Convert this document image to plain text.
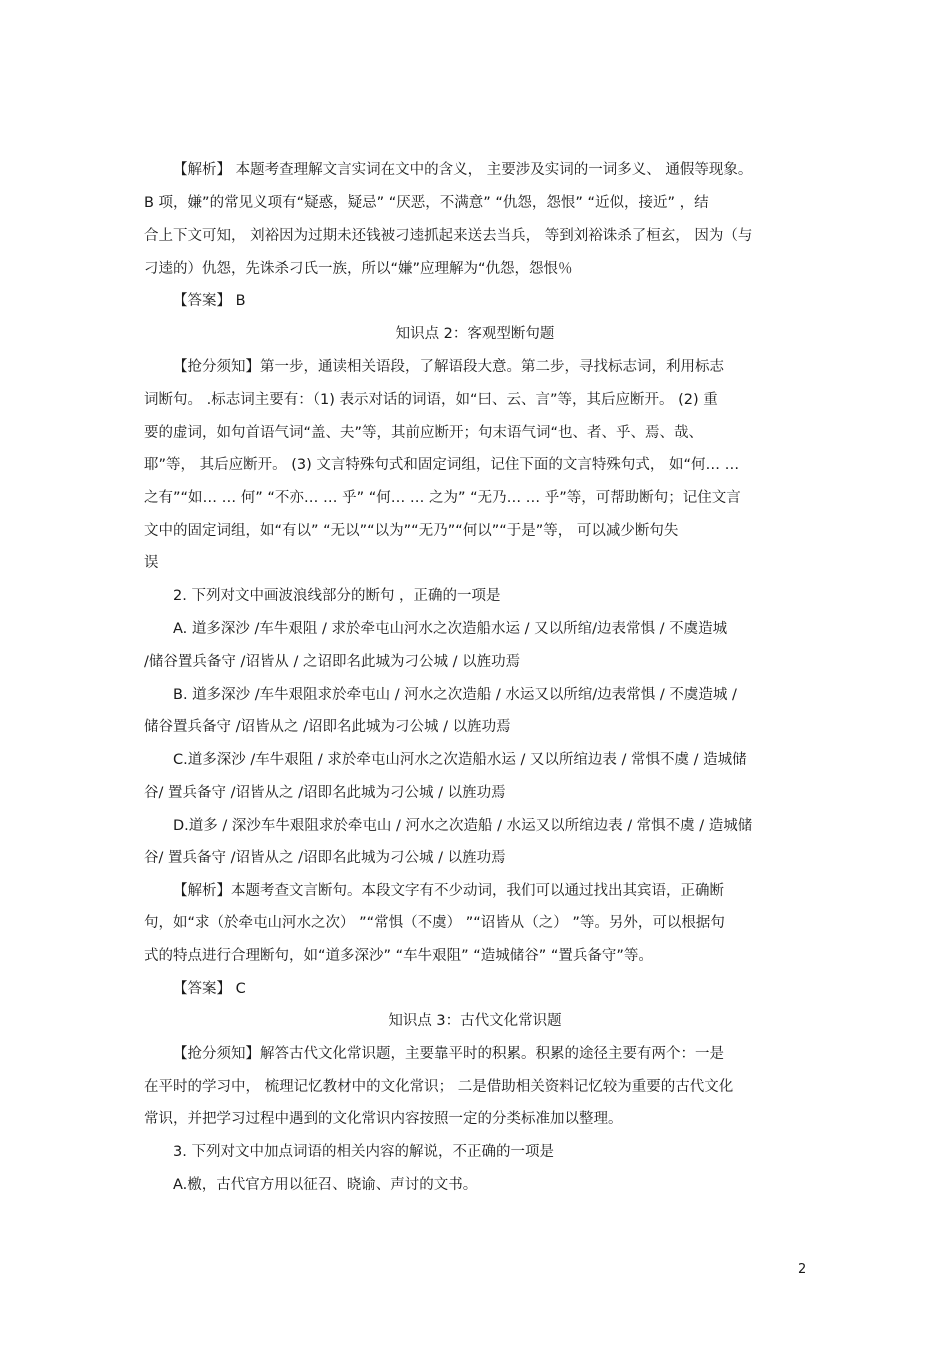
【解析】 本题考查理解文言实词在文中的含义， 主要涉及实词的一词多义、 通假等现象。
B 项，嫌”的常见义项有“疑惑，疑忌” “厌恶，不满意” “仇怨，怨恨” “近似，接近” ，结
合上下文可知， 刘裕因为过期未还钱被刁逵抓起来送去当兵， 等到刘裕诛杀了桓玄， 因为（与
刁逵的）仇怨，先诛杀刁氏一族，所以“嫌”应理解为“仇怨，怨恨％
【答案】 B
知识点 2：客观型断句题
【抢分须知】第一步，通读相关语段，了解语段大意。第二步，寻找标志词，利用标志
词断句。 .标志词主要有：（1) 表示对话的词语，如“曰、云、言”等，其后应断开。 (2) 重
要的虚词，如句首语气词“盖、夫”等，其前应断开；句末语气词“也、者、乎、焉、哉、
耶”等， 其后应断开。 (3) 文言特殊句式和固定词组，记住下面的文言特殊句式， 如“何… …
之有”“如… … 何” “不亦… … 乎” “何… … 之为” “无乃… … 乎”等，可帮助断句；记住文言
文中的固定词组，如“有以” “无以”“以为”“无乃”“何以”“于是”等， 可以减少断句失
误
2. 下列对文中画波浪线部分的断句 ，正确的一项是
A. 道多深沙 /车牛艰阻 / 求於牵屯山河水之次造船水运 / 又以所绾/边表常惧 / 不虞造城
/储谷置兵备守 /诏皆从 / 之诏即名此城为刁公城 / 以旌功焉
B. 道多深沙 /车牛艰阻求於牵屯山 / 河水之次造船 / 水运又以所绾/边表常惧 / 不虞造城 /
储谷置兵备守 /诏皆从之 /诏即名此城为刁公城 / 以旌功焉
C.道多深沙 /车牛艰阻 / 求於牵屯山河水之次造船水运 / 又以所绾边表 / 常惧不虞 / 造城储
谷/ 置兵备守 /诏皆从之 /诏即名此城为刁公城 / 以旌功焉
D.道多 / 深沙车牛艰阻求於牵屯山 / 河水之次造船 / 水运又以所绾边表 / 常惧不虞 / 造城储
谷/ 置兵备守 /诏皆从之 /诏即名此城为刁公城 / 以旌功焉
【解析】本题考查文言断句。本段文字有不少动词，我们可以通过找出其宾语，正确断
句，如“求（於牵屯山河水之次） ”“常惧（不虞） ”“诏皆从（之） ”等。另外，可以根据句
式的特点进行合理断句，如“道多深沙” “车牛艰阻” “造城储谷” “置兵备守”等。
【答案】 C
知识点 3：古代文化常识题
【抢分须知】解答古代文化常识题，主要靠平时的积累。积累的途径主要有两个：一是
在平时的学习中， 梳理记忆教材中的文化常识； 二是借助相关资料记忆较为重要的古代文化
常识，并把学习过程中遇到的文化常识内容按照一定的分类标准加以整理。
3. 下列对文中加点词语的相关内容的解说，不正确的一项是
A.檄，古代官方用以征召、晓谕、声讨的文书。
2
